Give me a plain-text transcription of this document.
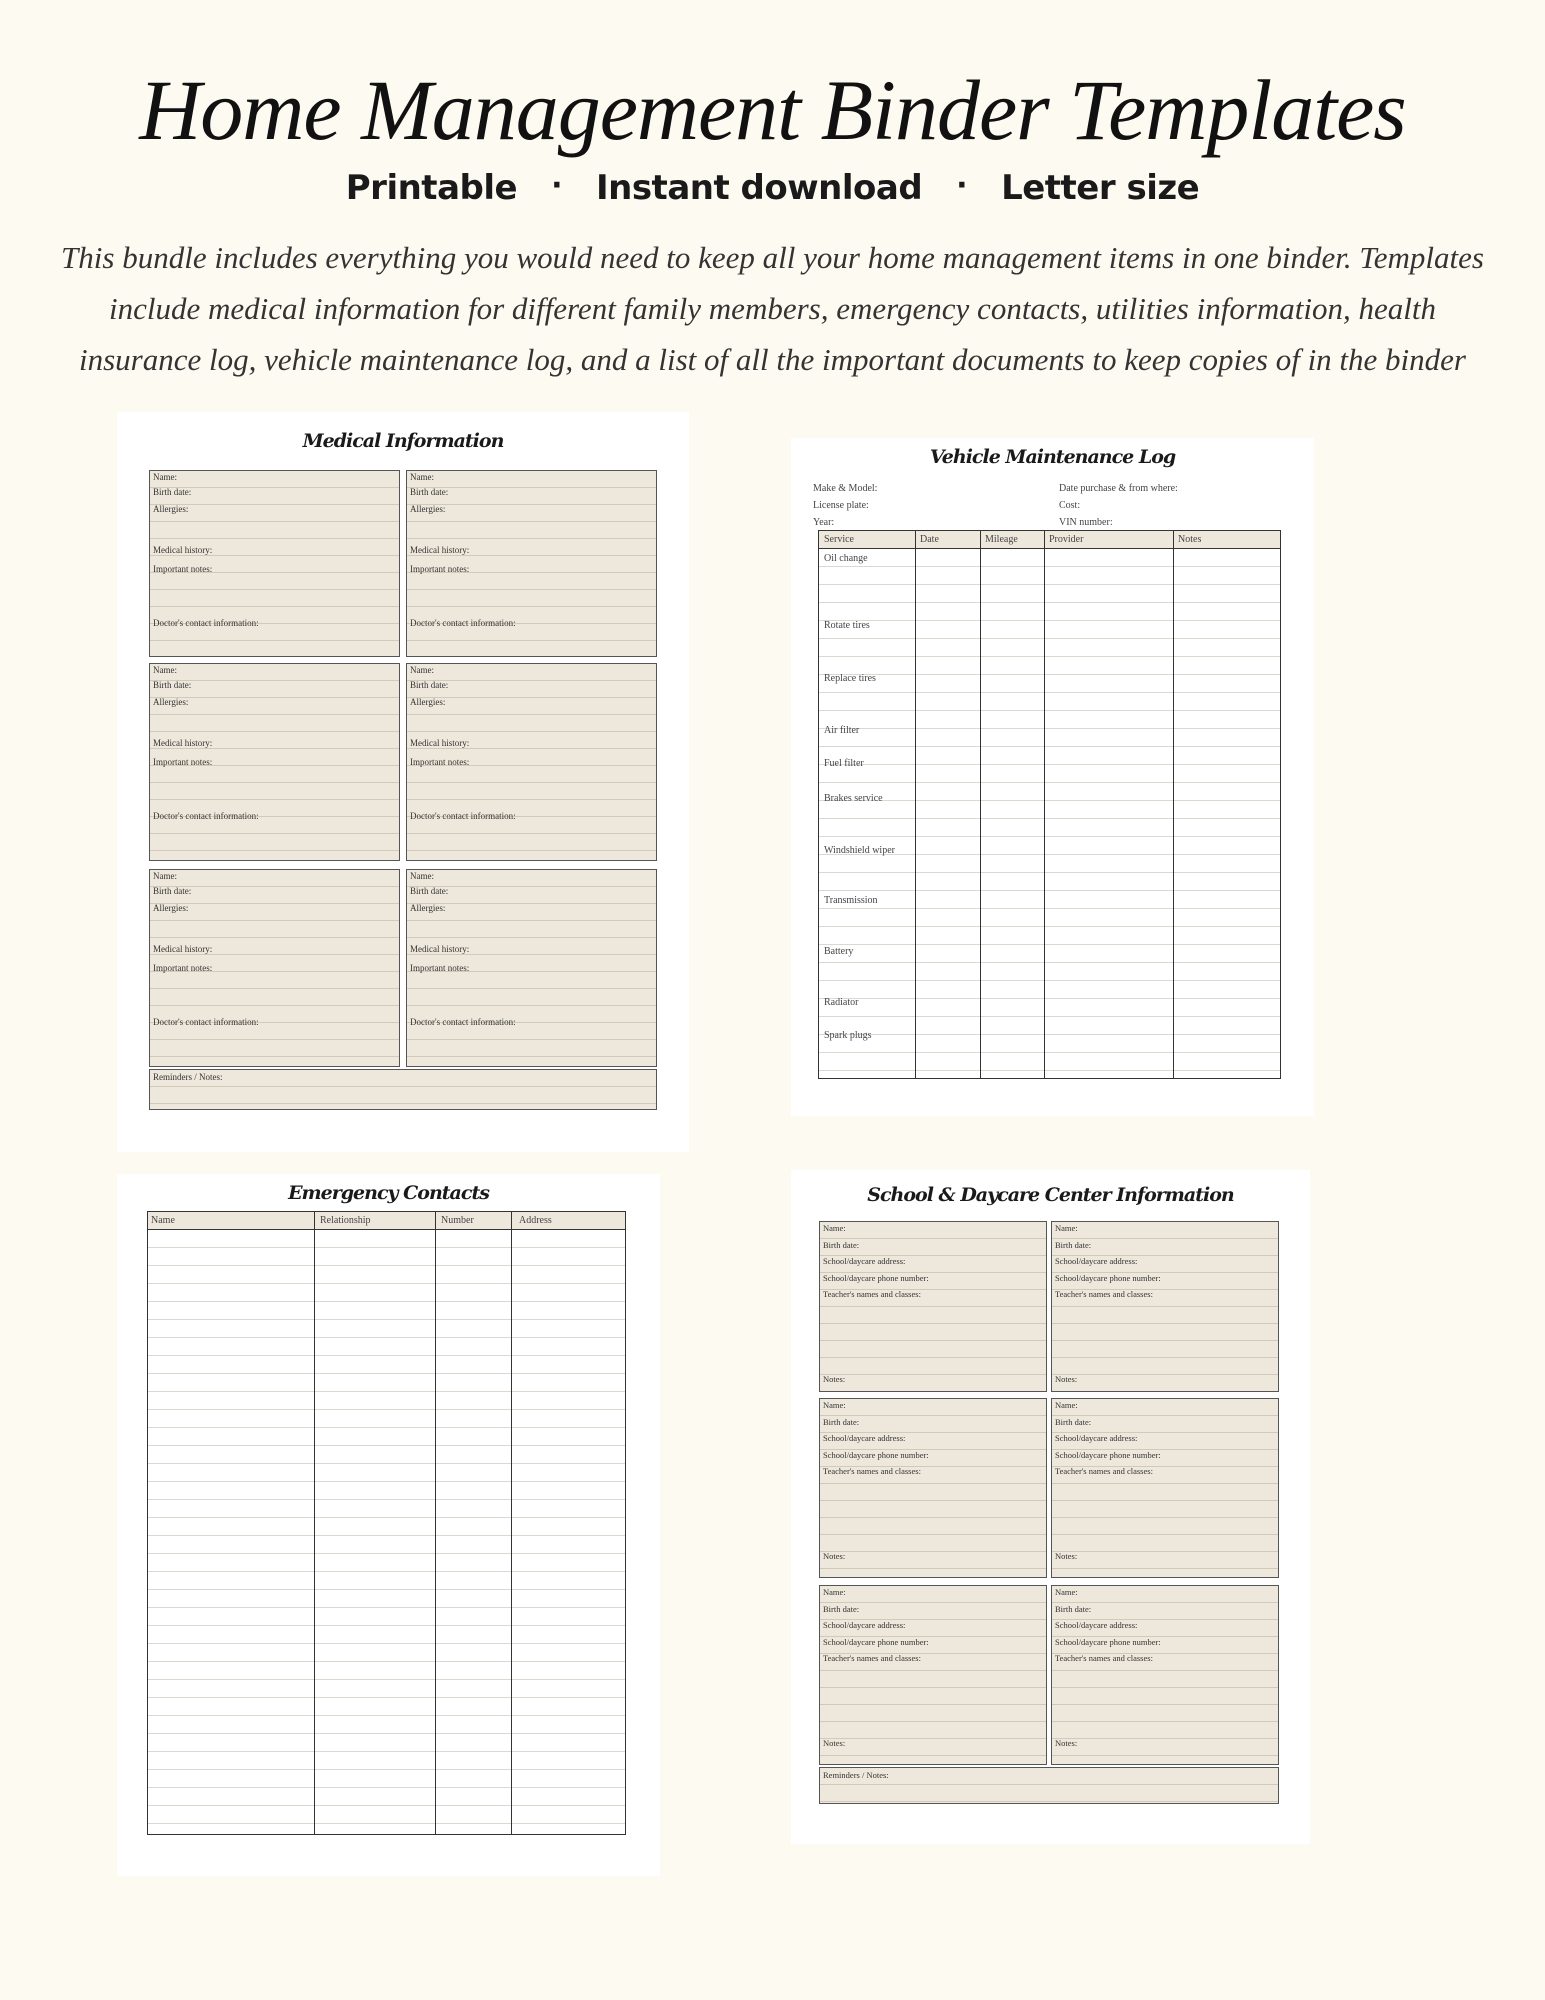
Home Management Binder Templates
Printable · Instant download · Letter size
This bundle includes everything you would need to keep all your home management items in one binder. Templates include medical information for different family members, emergency contacts, utilities information, health insurance log, vehicle maintenance log, and a list of all the important documents to keep copies of in the binder
Medical Information
Name:
Birth date:
Allergies:
Medical history:
Important notes:
Doctor's contact information:
Name:
Birth date:
Allergies:
Medical history:
Important notes:
Doctor's contact information:
Name:
Birth date:
Allergies:
Medical history:
Important notes:
Doctor's contact information:
Name:
Birth date:
Allergies:
Medical history:
Important notes:
Doctor's contact information:
Name:
Birth date:
Allergies:
Medical history:
Important notes:
Doctor's contact information:
Name:
Birth date:
Allergies:
Medical history:
Important notes:
Doctor's contact information:
Reminders / Notes:
Vehicle Maintenance Log
Make & Model:	Date purchase & from where:
License plate:	Cost:
Year:	VIN number:
Service	Date	Mileage	Provider	Notes
Oil change
Rotate tires
Replace tires
Air filter
Fuel filter
Brakes service
Windshield wiper
Transmission
Battery
Radiator
Spark plugs
Emergency Contacts
Name	Relationship	Number	Address
School & Daycare Center Information
Name:
Birth date:
School/daycare address:
School/daycare phone number:
Teacher's names and classes:
Notes:
Name:
Birth date:
School/daycare address:
School/daycare phone number:
Teacher's names and classes:
Notes:
Name:
Birth date:
School/daycare address:
School/daycare phone number:
Teacher's names and classes:
Notes:
Name:
Birth date:
School/daycare address:
School/daycare phone number:
Teacher's names and classes:
Notes:
Name:
Birth date:
School/daycare address:
School/daycare phone number:
Teacher's names and classes:
Notes:
Name:
Birth date:
School/daycare address:
School/daycare phone number:
Teacher's names and classes:
Notes:
Reminders / Notes:
